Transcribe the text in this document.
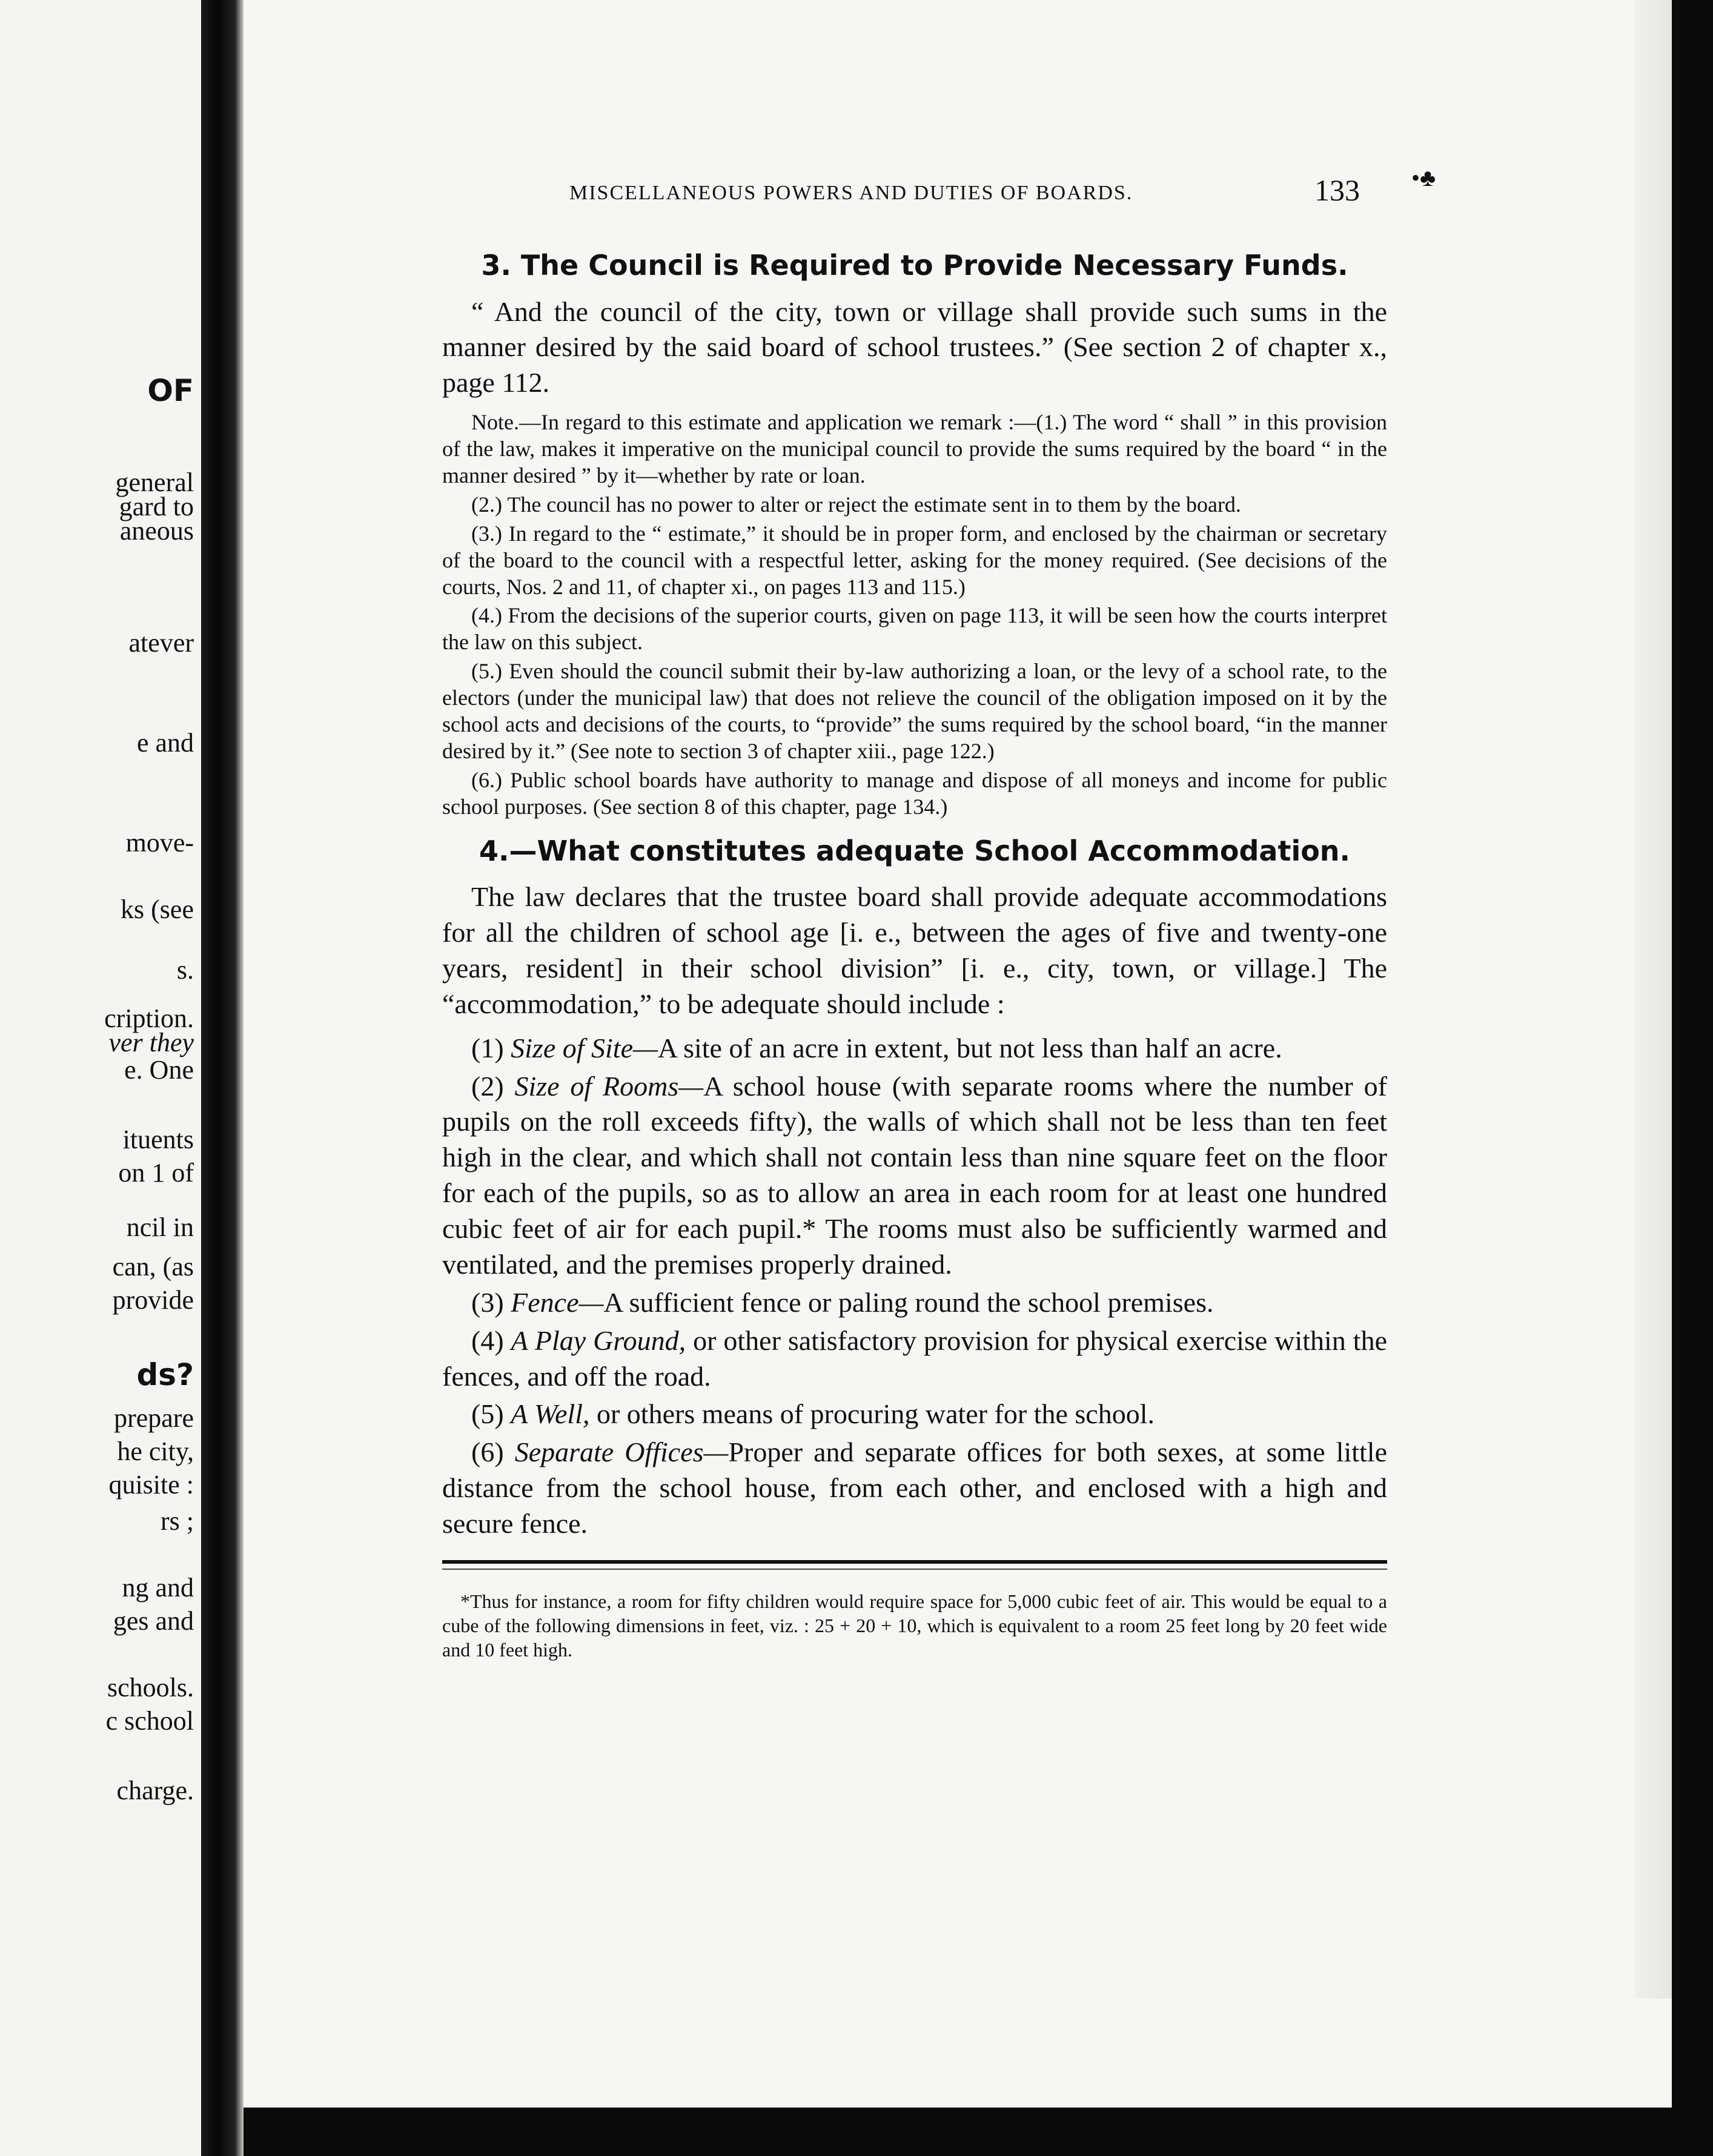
OF
general
gard to
aneous
atever
e and
move-
ks (see
s.
cription.
ver they
e. One
ituents
on 1 of
ncil in
can, (as
provide
ds?
prepare
he city,
quisite :
rs ;
ng and
ges and
schools.
c school
charge.
MISCELLANEOUS POWERS AND DUTIES OF BOARDS.	133 •♣
3. The Council is Required to Provide Necessary Funds.

“ And the council of the city, town or village shall provide such sums in the manner desired by the said board of school trustees.” (See section 2 of chapter x., page 112.

Note.—In regard to this estimate and application we remark :—(1.) The word “ shall ” in this provision of the law, makes it imperative on the municipal council to provide the sums required by the board “ in the manner desired ” by it—whether by rate or loan.

(2.) The council has no power to alter or reject the estimate sent in to them by the board.

(3.) In regard to the “ estimate,” it should be in proper form, and enclosed by the chairman or secretary of the board to the council with a respectful letter, asking for the money required. (See decisions of the courts, Nos. 2 and 11, of chapter xi., on pages 113 and 115.)

(4.) From the decisions of the superior courts, given on page 113, it will be seen how the courts interpret the law on this subject.

(5.) Even should the council submit their by-law authorizing a loan, or the levy of a school rate, to the electors (under the municipal law) that does not relieve the council of the obligation imposed on it by the school acts and decisions of the courts, to “provide” the sums required by the school board, “in the manner desired by it.” (See note to section 3 of chapter xiii., page 122.)

(6.) Public school boards have authority to manage and dispose of all moneys and income for public school purposes. (See section 8 of this chapter, page 134.)

4.—What constitutes adequate School Accommodation.

The law declares that the trustee board shall provide adequate accommodations for all the children of school age [i. e., between the ages of five and twenty-one years, resident] in their school division” [i. e., city, town, or village.] The “accommodation,” to be adequate should include :

(1) Size of Site—A site of an acre in extent, but not less than half an acre.

(2) Size of Rooms—A school house (with separate rooms where the number of pupils on the roll exceeds fifty), the walls of which shall not be less than ten feet high in the clear, and which shall not contain less than nine square feet on the floor for each of the pupils, so as to allow an area in each room for at least one hundred cubic feet of air for each pupil.* The rooms must also be sufficiently warmed and ventilated, and the premises properly drained.

(3) Fence—A sufficient fence or paling round the school premises.

(4) A Play Ground, or other satisfactory provision for physical exercise within the fences, and off the road.

(5) A Well, or others means of procuring water for the school.

(6) Separate Offices—Proper and separate offices for both sexes, at some little distance from the school house, from each other, and enclosed with a high and secure fence.

*Thus for instance, a room for fifty children would require space for 5,000 cubic feet of air. This would be equal to a cube of the following dimensions in feet, viz. : 25 + 20 + 10, which is equivalent to a room 25 feet long by 20 feet wide and 10 feet high.
